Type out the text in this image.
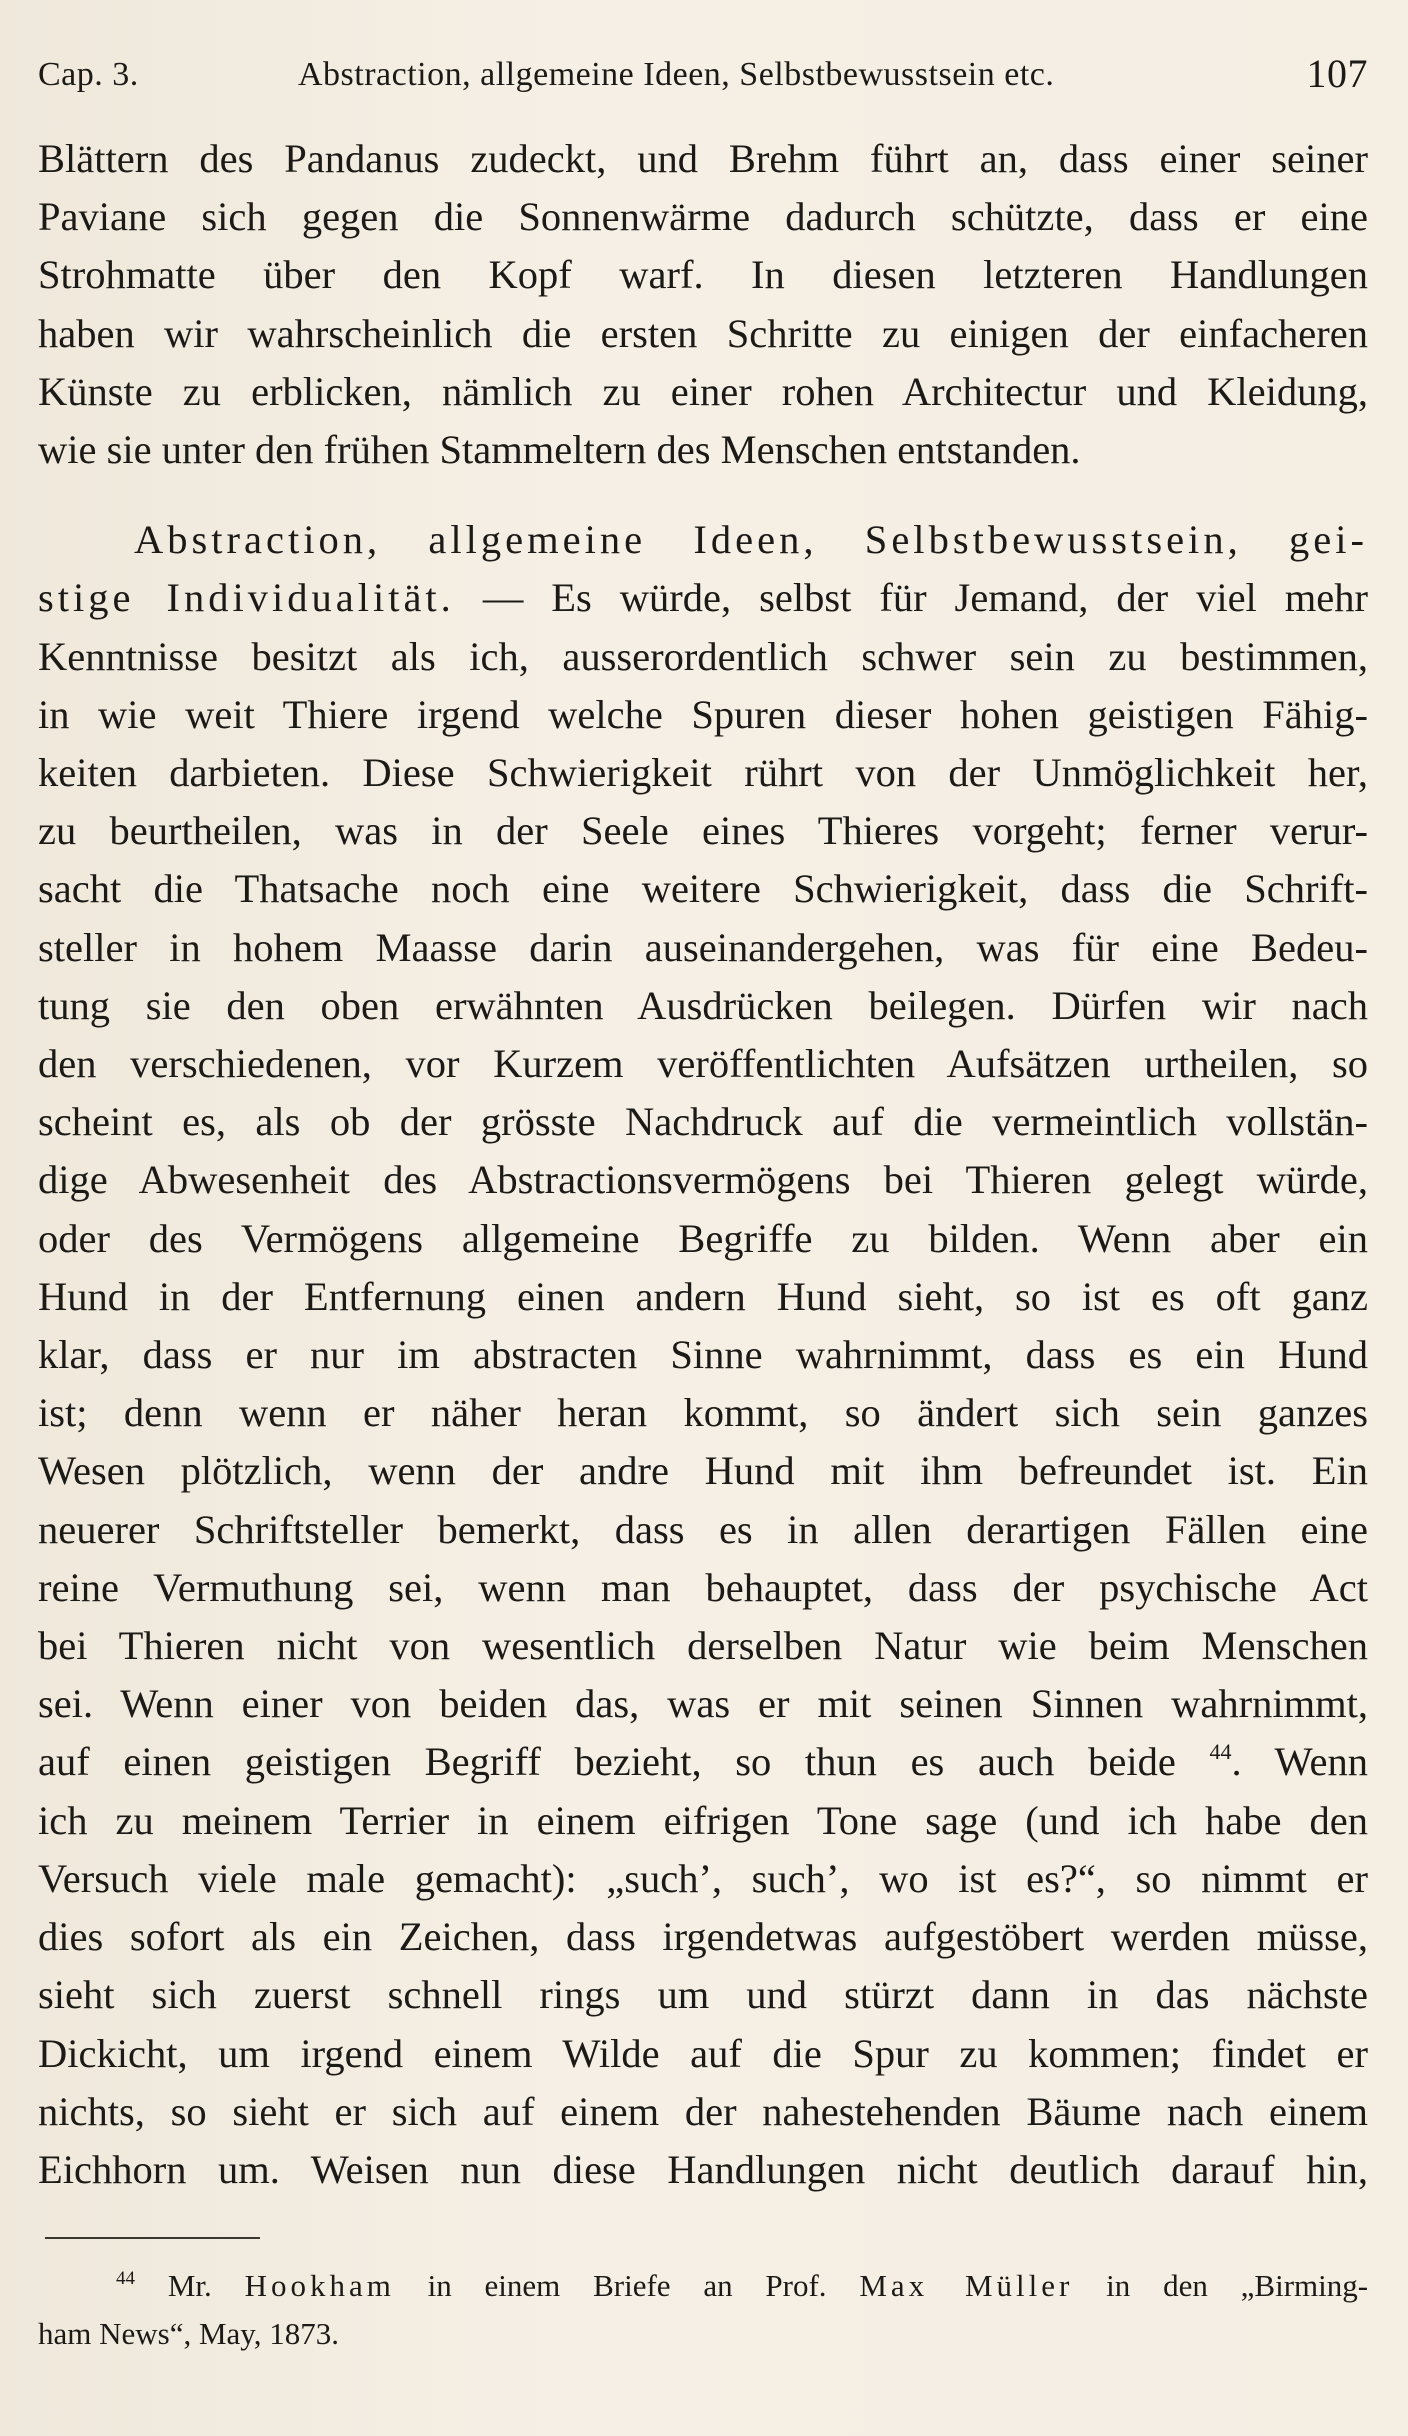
Cap. 3.	Abstraction, allgemeine Ideen, Selbstbewusstsein etc.	107

Blättern des Pandanus zudeckt, und Brehm führt an, dass einer seiner
Paviane sich gegen die Sonnenwärme dadurch schützte, dass er eine
Strohmatte über den Kopf warf. In diesen letzteren Handlungen
haben wir wahrscheinlich die ersten Schritte zu einigen der einfacheren
Künste zu erblicken, nämlich zu einer rohen Architectur und Kleidung,
wie sie unter den frühen Stammeltern des Menschen entstanden.

Abstraction, allgemeine Ideen, Selbstbewusstsein, gei-
stige Individualität. — Es würde, selbst für Jemand, der viel mehr
Kenntnisse besitzt als ich, ausserordentlich schwer sein zu bestimmen,
in wie weit Thiere irgend welche Spuren dieser hohen geistigen Fähig-
keiten darbieten. Diese Schwierigkeit rührt von der Unmöglichkeit her,
zu beurtheilen, was in der Seele eines Thieres vorgeht; ferner verur-
sacht die Thatsache noch eine weitere Schwierigkeit, dass die Schrift-
steller in hohem Maasse darin auseinandergehen, was für eine Bedeu-
tung sie den oben erwähnten Ausdrücken beilegen. Dürfen wir nach
den verschiedenen, vor Kurzem veröffentlichten Aufsätzen urtheilen, so
scheint es, als ob der grösste Nachdruck auf die vermeintlich vollstän-
dige Abwesenheit des Abstractionsvermögens bei Thieren gelegt würde,
oder des Vermögens allgemeine Begriffe zu bilden. Wenn aber ein
Hund in der Entfernung einen andern Hund sieht, so ist es oft ganz
klar, dass er nur im abstracten Sinne wahrnimmt, dass es ein Hund
ist; denn wenn er näher heran kommt, so ändert sich sein ganzes
Wesen plötzlich, wenn der andre Hund mit ihm befreundet ist. Ein
neuerer Schriftsteller bemerkt, dass es in allen derartigen Fällen eine
reine Vermuthung sei, wenn man behauptet, dass der psychische Act
bei Thieren nicht von wesentlich derselben Natur wie beim Menschen
sei. Wenn einer von beiden das, was er mit seinen Sinnen wahrnimmt,
auf einen geistigen Begriff bezieht, so thun es auch beide $^{44}$. Wenn
ich zu meinem Terrier in einem eifrigen Tone sage (und ich habe den
Versuch viele male gemacht): „such’, such’, wo ist es?“, so nimmt er
dies sofort als ein Zeichen, dass irgendetwas aufgestöbert werden müsse,
sieht sich zuerst schnell rings um und stürzt dann in das nächste
Dickicht, um irgend einem Wilde auf die Spur zu kommen; findet er
nichts, so sieht er sich auf einem der nahestehenden Bäume nach einem
Eichhorn um. Weisen nun diese Handlungen nicht deutlich darauf hin,

$^{44}$ Mr. Hookham in einem Briefe an Prof. Max Müller in den „Birming-
ham News“, May, 1873.
